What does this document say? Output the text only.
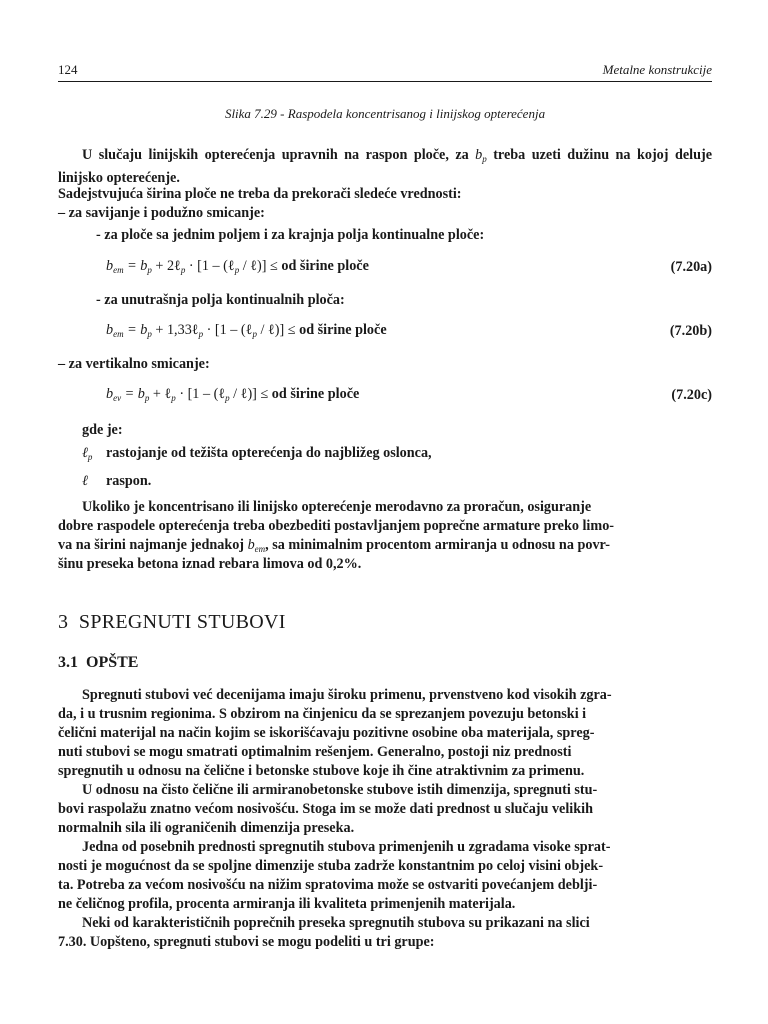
124	Metalne konstrukcije
Slika 7.29 - Raspodela koncentrisanog i linijskog opterećenja
U slučaju linijskih opterećenja upravnih na raspon ploče, za $b_p$ treba uzeti dužinu na kojoj deluje linijsko opterećenje.
Sadejstvujuća širina ploče ne treba da prekorači sledeće vrednosti:
– za savijanje i podužno smicanje:
- za ploče sa jednim poljem i za krajnja polja kontinualne ploče:
$b_{em} = b_p$ + 2ℓ$_p$ · [1 – (ℓ$_p$ / ℓ)] ≤ od širine ploče	(7.20a)
- za unutrašnja polja kontinualnih ploča:
$b_{em} = b_p$ + 1,33ℓ$_p$ · [1 – (ℓ$_p$ / ℓ)] ≤ od širine ploče	(7.20b)
– za vertikalno smicanje:
$b_{ev} = b_p$ + ℓ$_p$ · [1 – (ℓ$_p$ / ℓ)] ≤ od širine ploče	(7.20c)
gde je:
ℓ$_p$ rastojanje od težišta opterećenja do najbližeg oslonca,
ℓ raspon.
Ukoliko je koncentrisano ili linijsko opterećenje merodavno za proračun, osiguranje
dobre raspodele opterećenja treba obezbediti postavljanjem poprečne armature preko limo-
va na širini najmanje jednakoj $b_{em}$, sa minimalnim procentom armiranja u odnosu na povr-
šinu preseka betona iznad rebara limova od 0,2%.
3 SPREGNUTI STUBOVI
3.1 OPŠTE
Spregnuti stubovi već decenijama imaju široku primenu, prvenstveno kod visokih zgra-
da, i u trusnim regionima. S obzirom na činjenicu da se sprezanjem povezuju betonski i
čelični materijal na način kojim se iskorišćavaju pozitivne osobine oba materijala, spreg-
nuti stubovi se mogu smatrati optimalnim rešenjem. Generalno, postoji niz prednosti
spregnutih u odnosu na čelične i betonske stubove koje ih čine atraktivnim za primenu.
U odnosu na čisto čelične ili armiranobetonske stubove istih dimenzija, spregnuti stu-
bovi raspolažu znatno većom nosivošću. Stoga im se može dati prednost u slučaju velikih
normalnih sila ili ograničenih dimenzija preseka.
Jedna od posebnih prednosti spregnutih stubova primenjenih u zgradama visoke sprat-
nosti je mogućnost da se spoljne dimenzije stuba zadrže konstantnim po celoj visini objek-
ta. Potreba za većom nosivošću na nižim spratovima može se ostvariti povećanjem deblji-
ne čeličnog profila, procenta armiranja ili kvaliteta primenjenih materijala.
Neki od karakterističnih poprečnih preseka spregnutih stubova su prikazani na slici
7.30. Uopšteno, spregnuti stubovi se mogu podeliti u tri grupe:
